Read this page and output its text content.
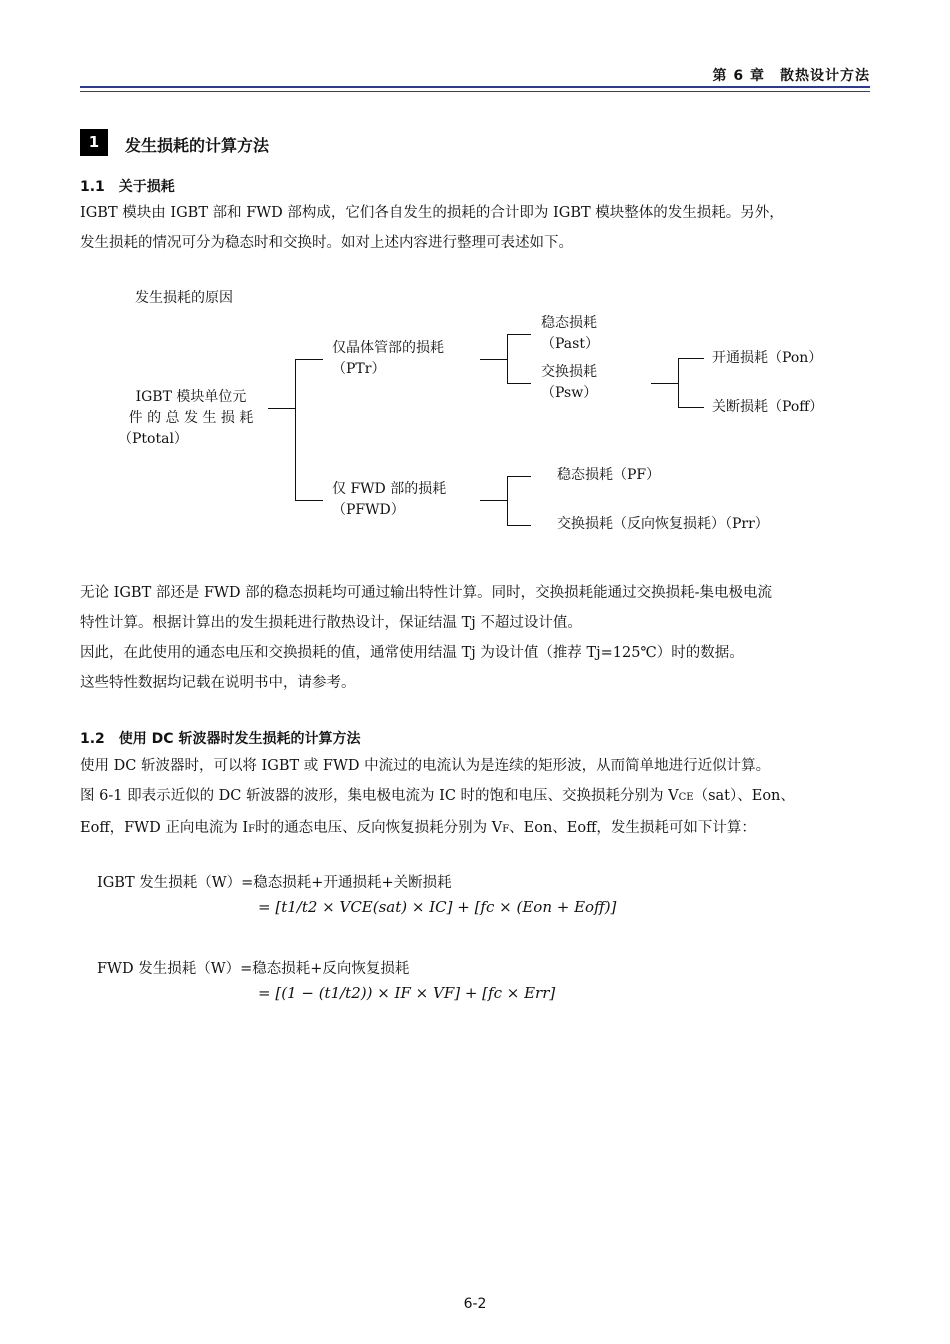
第 6 章　散热设计方法
1	发生损耗的计算方法
1.1　关于损耗

IGBT 模块由 IGBT 部和 FWD 部构成，它们各自发生的损耗的合计即为 IGBT 模块整体的发生损耗。另外，

发生损耗的情况可分为稳态时和交换时。如对上述内容进行整理可表述如下。

发生损耗的原因
IGBT 模块单位元
件 的 总 发 生 损 耗
（Ptotal）
仅晶体管部的损耗
（PTr）
仅 FWD 部的损耗
（PFWD）
稳态损耗
（Past）
交换损耗
（Psw）
开通损耗（Pon）
关断损耗（Poff）
稳态损耗（PF）
交换损耗（反向恢复损耗）（Prr）

无论 IGBT 部还是 FWD 部的稳态损耗均可通过输出特性计算。同时，交换损耗能通过交换损耗-集电极电流

特性计算。根据计算出的发生损耗进行散热设计，保证结温 Tj 不超过设计值。

因此，在此使用的通态电压和交换损耗的值，通常使用结温 Tj 为设计值（推荐 Tj=125℃）时的数据。

这些特性数据均记载在说明书中，请参考。

1.2　使用 DC 斩波器时发生损耗的计算方法

使用 DC 斩波器时，可以将 IGBT 或 FWD 中流过的电流认为是连续的矩形波，从而简单地进行近似计算。

图 6-1 即表示近似的 DC 斩波器的波形，集电极电流为 IC 时的饱和电压、交换损耗分别为 VCE（sat）、Eon、

Eoff，FWD 正向电流为 IF时的通态电压、反向恢复损耗分别为 VF、Eon、Eoff，发生损耗可如下计算：

IGBT 发生损耗（W）=稳态损耗+开通损耗+关断损耗
= [t1/t2 × VCE(sat) × IC] + [fc × (Eon + Eoff)]
FWD 发生损耗（W）=稳态损耗+反向恢复损耗
= [(1 − (t1/t2)) × IF × VF] + [fc × Err]
6-2
